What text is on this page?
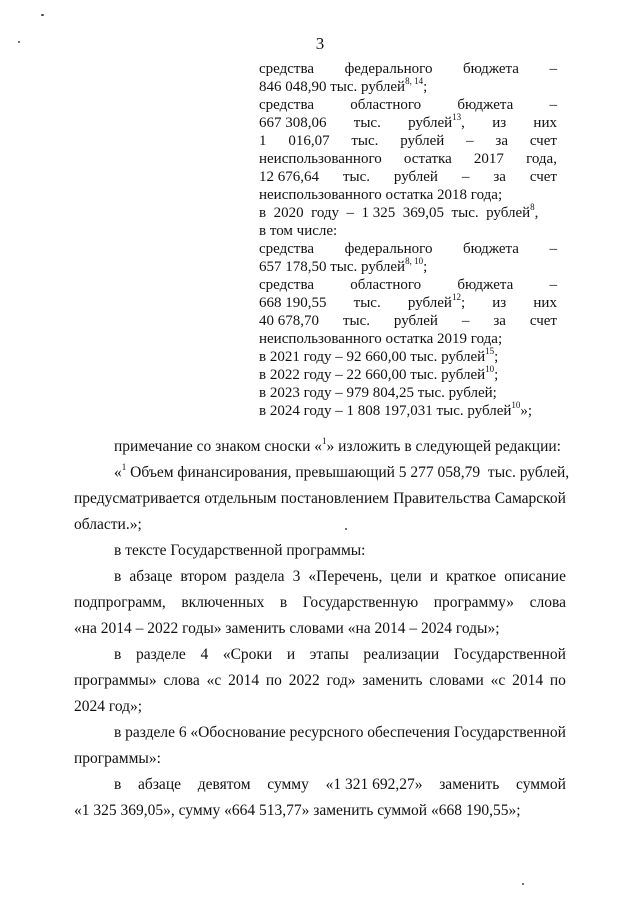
3
средства федерального бюджета –
846 048,90 тыс. рублей$^{8, 14}$;
средства областного бюджета –
667 308,06 тыс. рублей$^{13}$, из них
1 016,07 тыс. рублей – за счет
неиспользованного остатка 2017 года,
12 676,64 тыс. рублей – за счет
неиспользованного остатка 2018 года;
в  2020  году  –  1 325  369,05  тыс.  рублей$^8$,
в том числе:
средства федерального бюджета –
657 178,50 тыс. рублей$^{8, 10}$;
средства областного бюджета –
668 190,55 тыс. рублей$^{12}$; из них
40 678,70 тыс. рублей – за счет
неиспользованного остатка 2019 года;
в 2021 году – 92 660,00 тыс. рублей$^{15}$;
в 2022 году – 22 660,00 тыс. рублей$^{10}$;
в 2023 году – 979 804,25 тыс. рублей;
в 2024 году – 1 808 197,031 тыс. рублей$^{10}$»;
примечание со знаком сноски «$^1$» изложить в следующей редакции:
«$^1$ Объем финансирования, превышающий 5 277 058,79  тыс. рублей,
предусматривается отдельным постановлением Правительства Самарской
области.»;
в тексте Государственной программы:
в абзаце втором раздела 3 «Перечень, цели и краткое описание
подпрограмм, включенных в Государственную программу» слова
«на 2014 – 2022 годы» заменить словами «на 2014 – 2024 годы»;
в разделе 4 «Сроки и этапы реализации Государственной
программы» слова «с 2014 по 2022 год» заменить словами «с 2014 по
2024 год»;
в разделе 6 «Обоснование ресурсного обеспечения Государственной
программы»:
в абзаце девятом сумму «1 321 692,27» заменить суммой
«1 325 369,05», сумму «664 513,77» заменить суммой «668 190,55»;
